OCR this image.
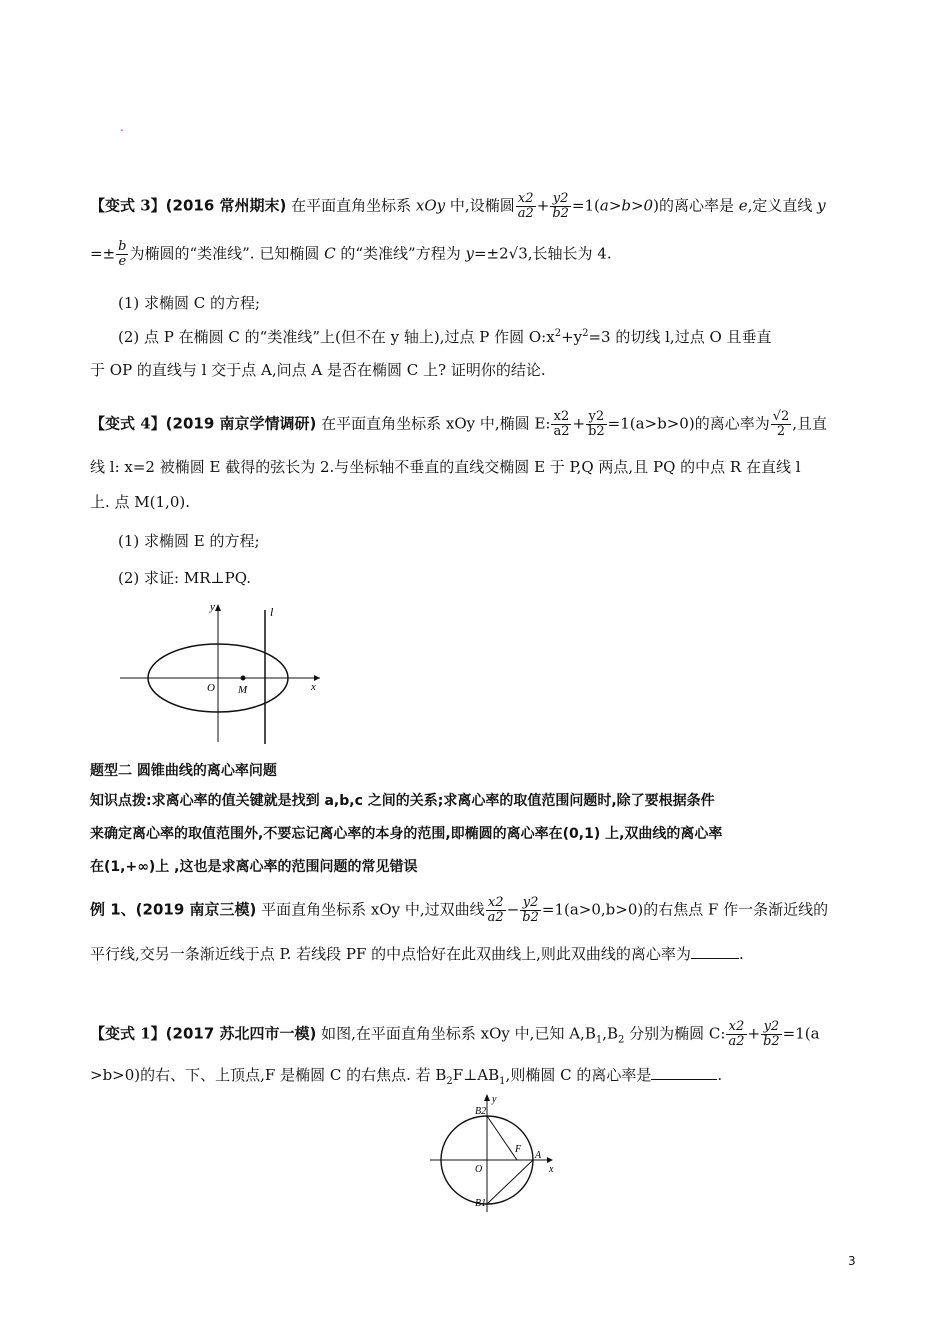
.
【变式 3】(2016 常州期末) 在平面直角坐标系 xOy 中,设椭圆 $\frac{x2}{a2} + \frac{y2}{b2} =1(a>b>0)$的离心率是 e,定义直线 y
=± $\frac{b}{e}$ 为椭圆的“类准线”. 已知椭圆 C 的“类准线”方程为 y=±2√3,长轴长为 4.
(1) 求椭圆 C 的方程;
(2) 点 P 在椭圆 C 的“类准线”上(但不在 y 轴上),过点 P 作圆 $O:x^2+y^2=3$ 的切线 l,过点 O 且垂直
于 OP 的直线与 l 交于点 A,问点 A 是否在椭圆 C 上? 证明你的结论.
【变式 4】(2019 南京学情调研) 在平面直角坐标系 xOy 中,椭圆 E: $\frac{x2}{a2} + \frac{y2}{b2} =1(a>b>0)$的离心率为 $\frac{√2}{2}$ ,且直
线 l: x=2 被椭圆 E 截得的弦长为 2.与坐标轴不垂直的直线交椭圆 E 于 P,Q 两点,且 PQ 的中点 R 在直线 l
上. 点 M(1,0).
(1) 求椭圆 E 的方程;
(2) 求证: MR⊥PQ.
y	l
O M	x
题型二 圆锥曲线的离心率问题
知识点拨:求离心率的值关键就是找到 a,b,c 之间的关系;求离心率的取值范围问题时,除了要根据条件
来确定离心率的取值范围外,不要忘记离心率的本身的范围,即椭圆的离心率在(0,1) 上,双曲线的离心率
在(1,+∞)上 ,这也是求离心率的范围问题的常见错误
例 1、(2019 南京三模) 平面直角坐标系 xOy 中,过双曲线 $\frac{x2}{a2} - \frac{y2}{b2} =1(a>0,b>0)$的右焦点 F 作一条渐近线的
平行线,交另一条渐近线于点 P. 若线段 PF 的中点恰好在此双曲线上,则此双曲线的离心率为	.
【变式 1】(2017 苏北四市一模) 如图,在平面直角坐标系 xOy 中,已知 $A,B_1,B_2$ 分别为椭圆 C: $\frac{x2}{a2} + \frac{y2}{b2} =1(a$
>b>0)的右、下、上顶点,F 是椭圆 C 的右焦点. 若 $B_2F\perp AB_1$,则椭圆 C 的离心率是	.
B2
y
F
A
O	x
B1
3
